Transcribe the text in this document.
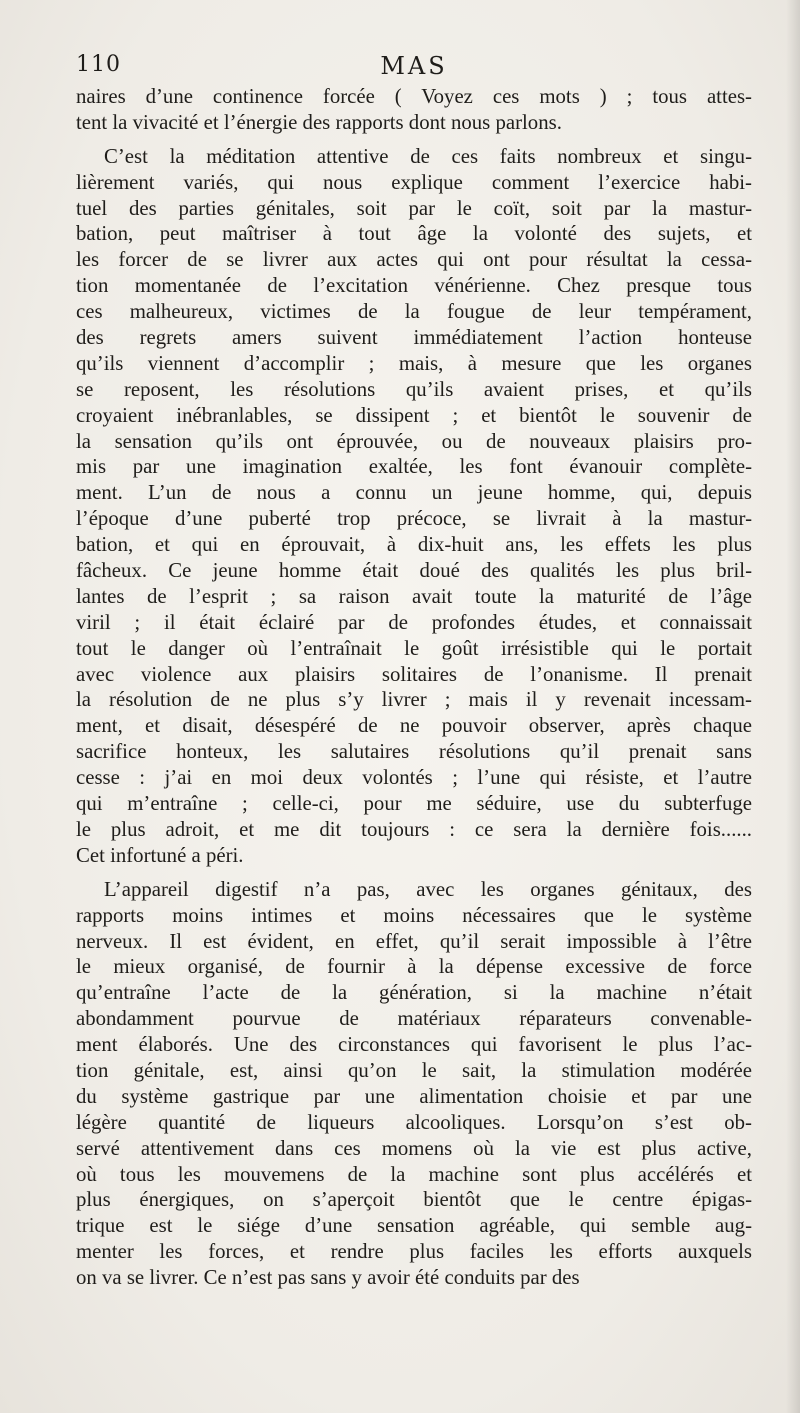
110	MAS
naires d’une continence forcée ( Voyez ces mots ) ; tous attes-
tent la vivacité et l’énergie des rapports dont nous parlons.
C’est la méditation attentive de ces faits nombreux et singu-
lièrement variés, qui nous explique comment l’exercice habi-
tuel des parties génitales, soit par le coït, soit par la mastur-
bation, peut maîtriser à tout âge la volonté des sujets, et
les forcer de se livrer aux actes qui ont pour résultat la cessa-
tion momentanée de l’excitation vénérienne. Chez presque tous
ces malheureux, victimes de la fougue de leur tempérament,
des regrets amers suivent immédiatement l’action honteuse
qu’ils viennent d’accomplir ; mais, à mesure que les organes
se reposent, les résolutions qu’ils avaient prises, et qu’ils
croyaient inébranlables, se dissipent ; et bientôt le souvenir de
la sensation qu’ils ont éprouvée, ou de nouveaux plaisirs pro-
mis par une imagination exaltée, les font évanouir complète-
ment. L’un de nous a connu un jeune homme, qui, depuis
l’époque d’une puberté trop précoce, se livrait à la mastur-
bation, et qui en éprouvait, à dix-huit ans, les effets les plus
fâcheux. Ce jeune homme était doué des qualités les plus bril-
lantes de l’esprit ; sa raison avait toute la maturité de l’âge
viril ; il était éclairé par de profondes études, et connaissait
tout le danger où l’entraînait le goût irrésistible qui le portait
avec violence aux plaisirs solitaires de l’onanisme. Il prenait
la résolution de ne plus s’y livrer ; mais il y revenait incessam-
ment, et disait, désespéré de ne pouvoir observer, après chaque
sacrifice honteux, les salutaires résolutions qu’il prenait sans
cesse : j’ai en moi deux volontés ; l’une qui résiste, et l’autre
qui m’entraîne ; celle-ci, pour me séduire, use du subterfuge
le plus adroit, et me dit toujours : ce sera la dernière fois......
Cet infortuné a péri.
L’appareil digestif n’a pas, avec les organes génitaux, des
rapports moins intimes et moins nécessaires que le système
nerveux. Il est évident, en effet, qu’il serait impossible à l’être
le mieux organisé, de fournir à la dépense excessive de force
qu’entraîne l’acte de la génération, si la machine n’était
abondamment pourvue de matériaux réparateurs convenable-
ment élaborés. Une des circonstances qui favorisent le plus l’ac-
tion génitale, est, ainsi qu’on le sait, la stimulation modérée
du système gastrique par une alimentation choisie et par une
légère quantité de liqueurs alcooliques. Lorsqu’on s’est ob-
servé attentivement dans ces momens où la vie est plus active,
où tous les mouvemens de la machine sont plus accélérés et
plus énergiques, on s’aperçoit bientôt que le centre épigas-
trique est le siége d’une sensation agréable, qui semble aug-
menter les forces, et rendre plus faciles les efforts auxquels
on va se livrer. Ce n’est pas sans y avoir été conduits par des
